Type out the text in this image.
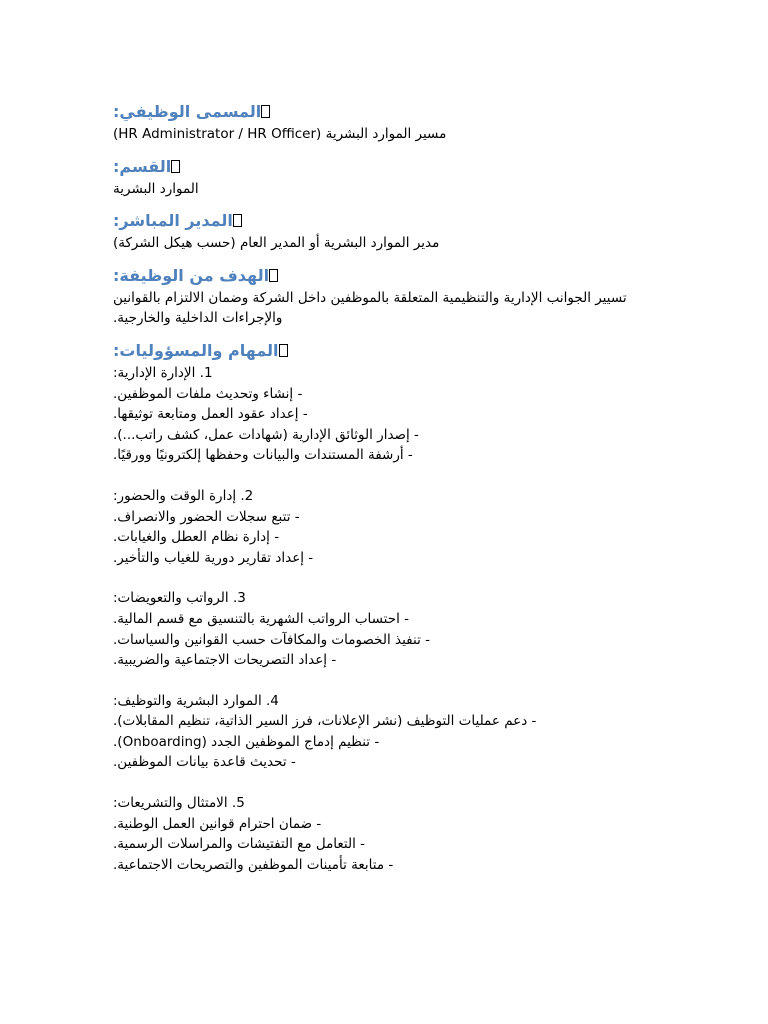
المسمى الوظيفي:
مسير الموارد البشرية (HR Administrator / HR Officer)
القسم:
الموارد البشرية
المدير المباشر:
مدير الموارد البشرية أو المدير العام (حسب هيكل الشركة)
الهدف من الوظيفة:
تسيير الجوانب الإدارية والتنظيمية المتعلقة بالموظفين داخل الشركة وضمان الالتزام بالقوانين
والإجراءات الداخلية والخارجية.
المهام والمسؤوليات:
1. الإدارة الإدارية:
- إنشاء وتحديث ملفات الموظفين.
- إعداد عقود العمل ومتابعة توثيقها.
- إصدار الوثائق الإدارية (شهادات عمل، كشف راتب...).
- أرشفة المستندات والبيانات وحفظها إلكترونيًا وورقيًا.
2. إدارة الوقت والحضور:
- تتبع سجلات الحضور والانصراف.
- إدارة نظام العطل والغيابات.
- إعداد تقارير دورية للغياب والتأخير.
3. الرواتب والتعويضات:
- احتساب الرواتب الشهرية بالتنسيق مع قسم المالية.
- تنفيذ الخصومات والمكافآت حسب القوانين والسياسات.
- إعداد التصريحات الاجتماعية والضريبية.
4. الموارد البشرية والتوظيف:
- دعم عمليات التوظيف (نشر الإعلانات، فرز السير الذاتية، تنظيم المقابلات).
- تنظيم إدماج الموظفين الجدد (Onboarding).
- تحديث قاعدة بيانات الموظفين.
5. الامتثال والتشريعات:
- ضمان احترام قوانين العمل الوطنية.
- التعامل مع التفتيشات والمراسلات الرسمية.
- متابعة تأمينات الموظفين والتصريحات الاجتماعية.
